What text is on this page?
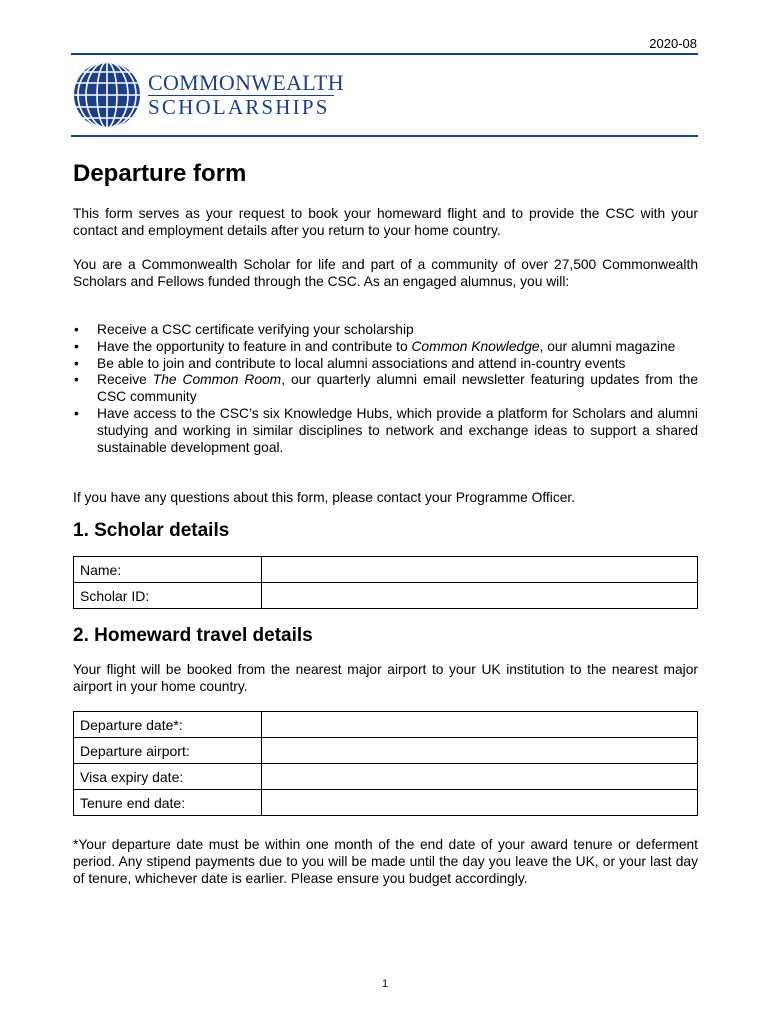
2020-08
COMMONWEALTH
SCHOLARSHIPS
Departure form

This form serves as your request to book your homeward flight and to provide the CSC with your contact and employment details after you return to your home country.

You are a Commonwealth Scholar for life and part of a community of over 27,500 Commonwealth Scholars and Fellows funded through the CSC. As an engaged alumnus, you will:

• Receive a CSC certificate verifying your scholarship
• Have the opportunity to feature in and contribute to Common Knowledge, our alumni magazine
• Be able to join and contribute to local alumni associations and attend in-country events
• Receive The Common Room, our quarterly alumni email newsletter featuring updates from the CSC community
• Have access to the CSC’s six Knowledge Hubs, which provide a platform for Scholars and alumni studying and working in similar disciplines to network and exchange ideas to support a shared sustainable development goal.

If you have any questions about this form, please contact your Programme Officer.

1. Scholar details
Name:	
Scholar ID:	
2. Homeward travel details

Your flight will be booked from the nearest major airport to your UK institution to the nearest major airport in your home country.

Departure date*:	
Departure airport:	
Visa expiry date:	
Tenure end date:	

*Your departure date must be within one month of the end date of your award tenure or deferment period. Any stipend payments due to you will be made until the day you leave the UK, or your last day of tenure, whichever date is earlier. Please ensure you budget accordingly.

1
